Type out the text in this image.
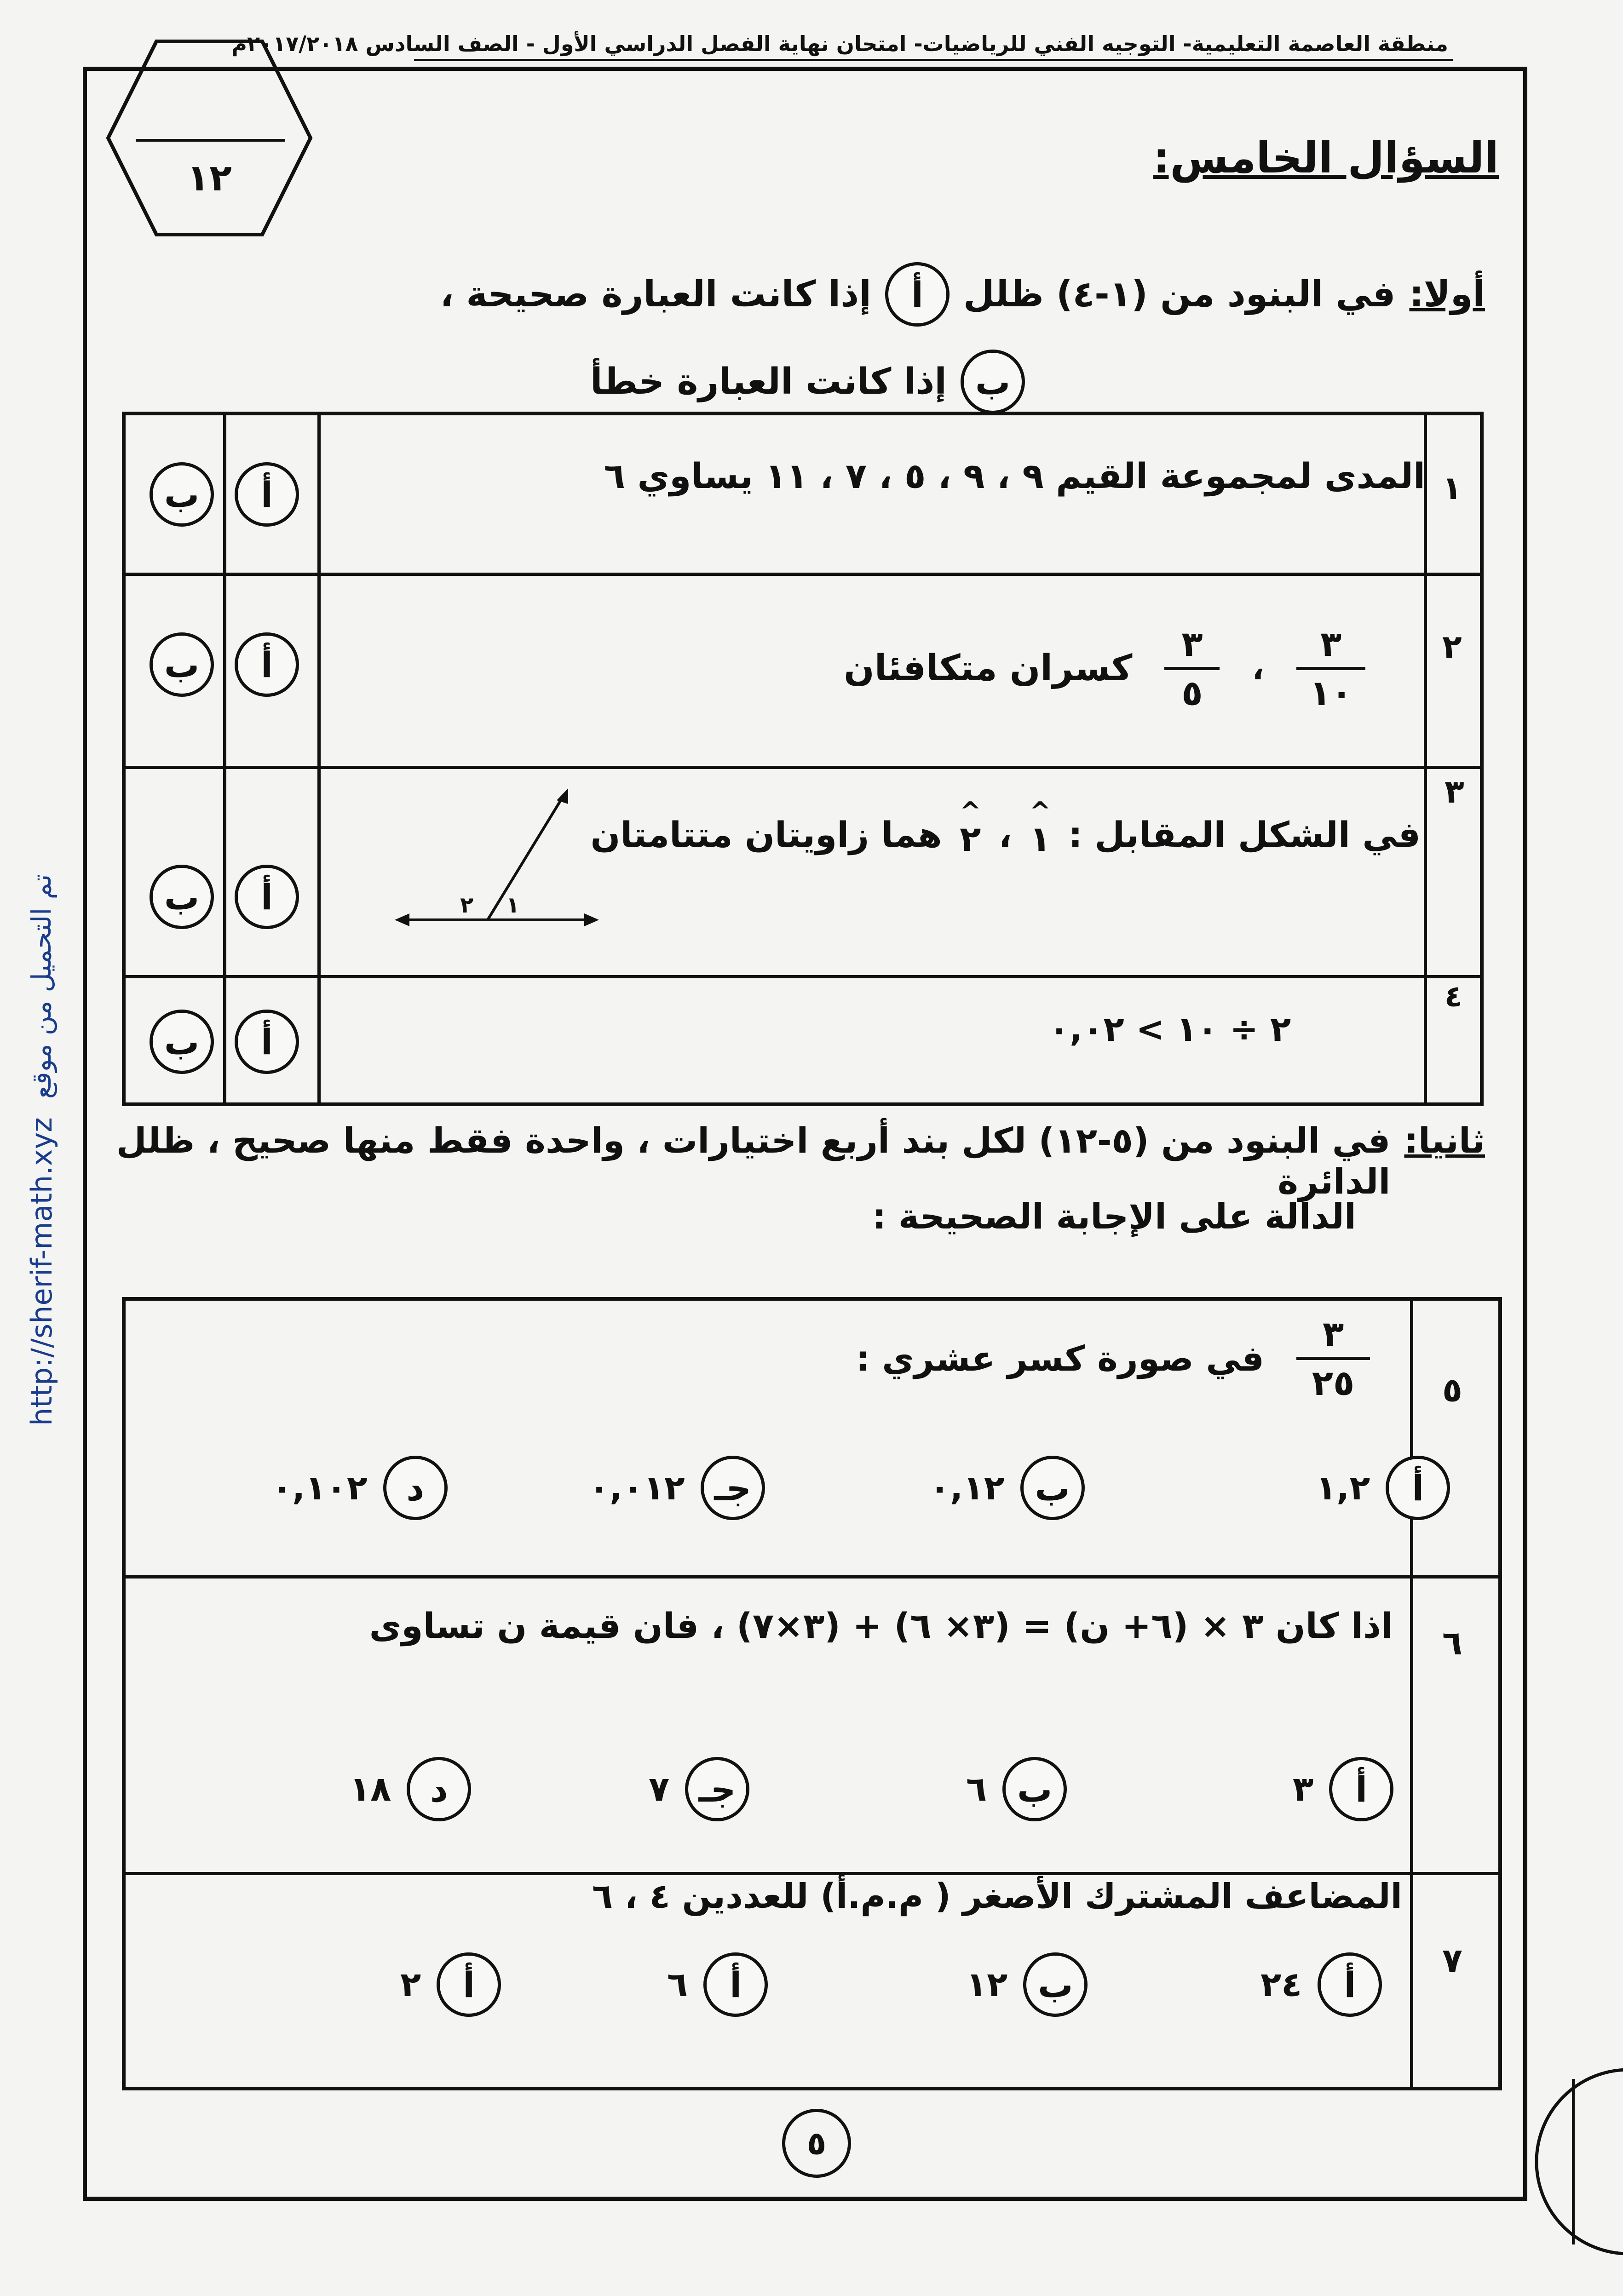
منطقة العاصمة التعليمية- التوجيه الفني للرياضيات- امتحان نهاية الفصل الدراسي الأول - الصف السادس ٢٠١٧/٢٠١٨م
١٢
http://sherif-math.xyz
تم التحميل من موقع
السؤال الخامس:
أولا:
في البنود من (١-٤) ظلل
أ
إذا كانت العبارة صحيحة ،
ب
إذا كانت العبارة خطأ
١
المدى لمجموعة القيم ٩ ، ٩ ، ٥ ، ٧ ، ١١ يساوي ٦
أ
ب
٢
٣
١٠
،
٣
٥
كسران متكافئان
أ
ب
٣
في الشكل المقابل :
^
١
،
^
٢
هما زاويتان متتامتان
١
٢
أ
ب
٤
٢ ÷ ١٠ > ٠,٠٢
أ
ب
ثانيا:
في البنود من (٥-١٢) لكل بند أربع اختيارات ، واحدة فقط منها صحيح ، ظلل الدائرة
الدالة على الإجابة الصحيحة :
٥
٣
٢٥
في صورة كسر عشري :
أ
١,٢
ب
٠,١٢
جـ
٠,٠١٢
د
٠,١٠٢
٦
اذا كان ٣ × (٦+ ن) = (٣× ٦) + (٣×٧) ، فان قيمة ن تساوى
أ
٣
ب
٦
جـ
٧
د
١٨
٧
المضاعف المشترك الأصغر ( م.م.أ) للعددين ٤ ، ٦
أ
٢٤
ب
١٢
أ
٦
أ
٢
٥
